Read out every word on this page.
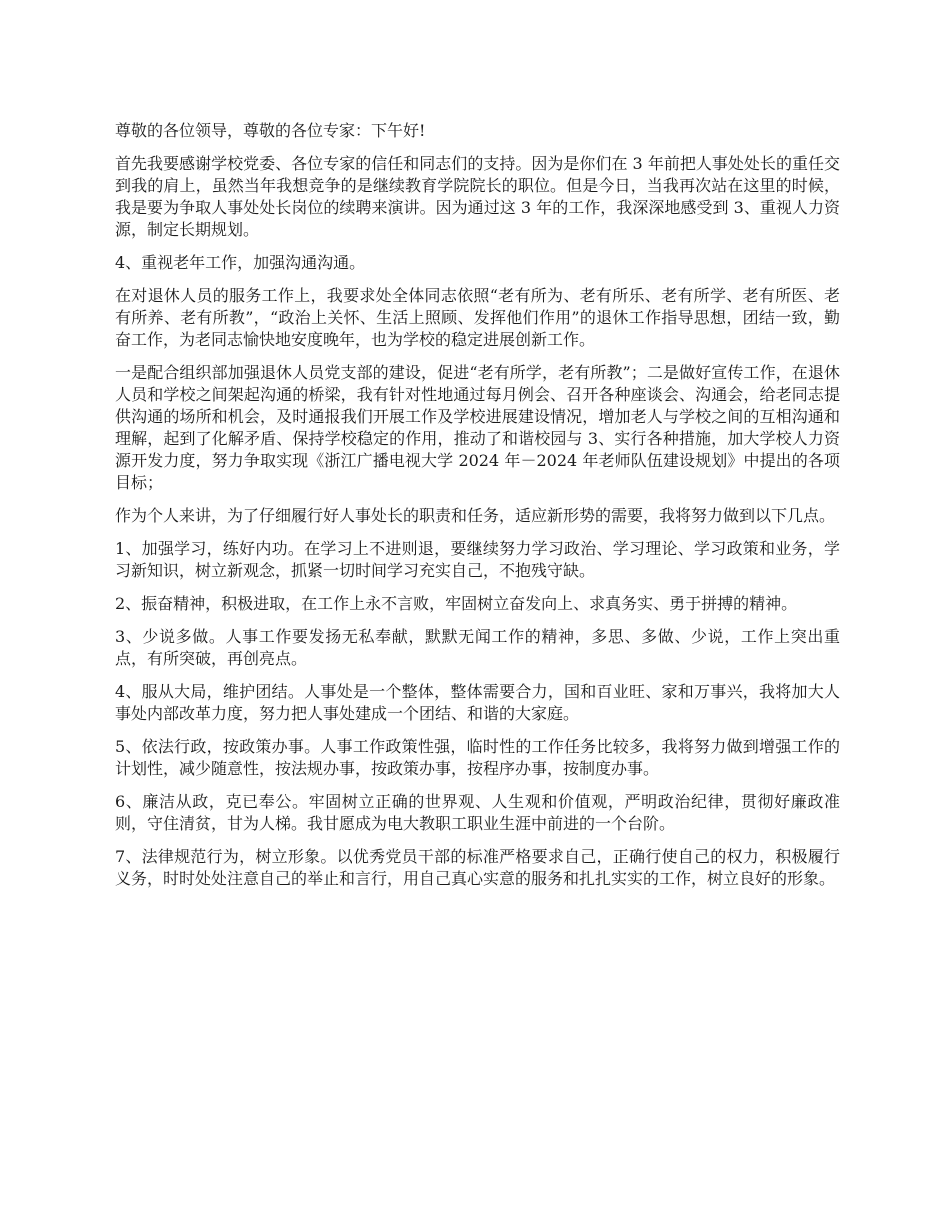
尊敬的各位领导，尊敬的各位专家：下午好!

首先我要感谢学校党委、各位专家的信任和同志们的支持。因为是你们在 3 年前把人事处处长的重任交到我的肩上，虽然当年我想竞争的是继续教育学院院长的职位。但是今日，当我再次站在这里的时候，我是要为争取人事处处长岗位的续聘来演讲。因为通过这 3 年的工作，我深深地感受到 3、重视人力资源，制定长期规划。

4、重视老年工作，加强沟通沟通。

在对退休人员的服务工作上，我要求处全体同志依照“老有所为、老有所乐、老有所学、老有所医、老有所养、老有所教”，“政治上关怀、生活上照顾、发挥他们作用”的退休工作指导思想，团结一致，勤奋工作，为老同志愉快地安度晚年，也为学校的稳定进展创新工作。

一是配合组织部加强退休人员党支部的建设，促进“老有所学，老有所教”；二是做好宣传工作，在退休人员和学校之间架起沟通的桥梁，我有针对性地通过每月例会、召开各种座谈会、沟通会，给老同志提供沟通的场所和机会，及时通报我们开展工作及学校进展建设情况，增加老人与学校之间的互相沟通和理解，起到了化解矛盾、保持学校稳定的作用，推动了和谐校园与 3、实行各种措施，加大学校人力资源开发力度，努力争取实现《浙江广播电视大学 2024 年－2024 年老师队伍建设规划》中提出的各项目标；

作为个人来讲，为了仔细履行好人事处长的职责和任务，适应新形势的需要，我将努力做到以下几点。

1、加强学习，练好内功。在学习上不进则退，要继续努力学习政治、学习理论、学习政策和业务，学习新知识，树立新观念，抓紧一切时间学习充实自己，不抱残守缺。

2、振奋精神，积极进取，在工作上永不言败，牢固树立奋发向上、求真务实、勇于拼搏的精神。

3、少说多做。人事工作要发扬无私奉献，默默无闻工作的精神，多思、多做、少说，工作上突出重点，有所突破，再创亮点。

4、服从大局，维护团结。人事处是一个整体，整体需要合力，国和百业旺、家和万事兴，我将加大人事处内部改革力度，努力把人事处建成一个团结、和谐的大家庭。

5、依法行政，按政策办事。人事工作政策性强，临时性的工作任务比较多，我将努力做到增强工作的计划性，减少随意性，按法规办事，按政策办事，按程序办事，按制度办事。

6、廉洁从政，克已奉公。牢固树立正确的世界观、人生观和价值观，严明政治纪律，贯彻好廉政准则，守住清贫，甘为人梯。我甘愿成为电大教职工职业生涯中前进的一个台阶。

7、法律规范行为，树立形象。以优秀党员干部的标准严格要求自己，正确行使自己的权力，积极履行义务，时时处处注意自己的举止和言行，用自己真心实意的服务和扎扎实实的工作，树立良好的形象。
